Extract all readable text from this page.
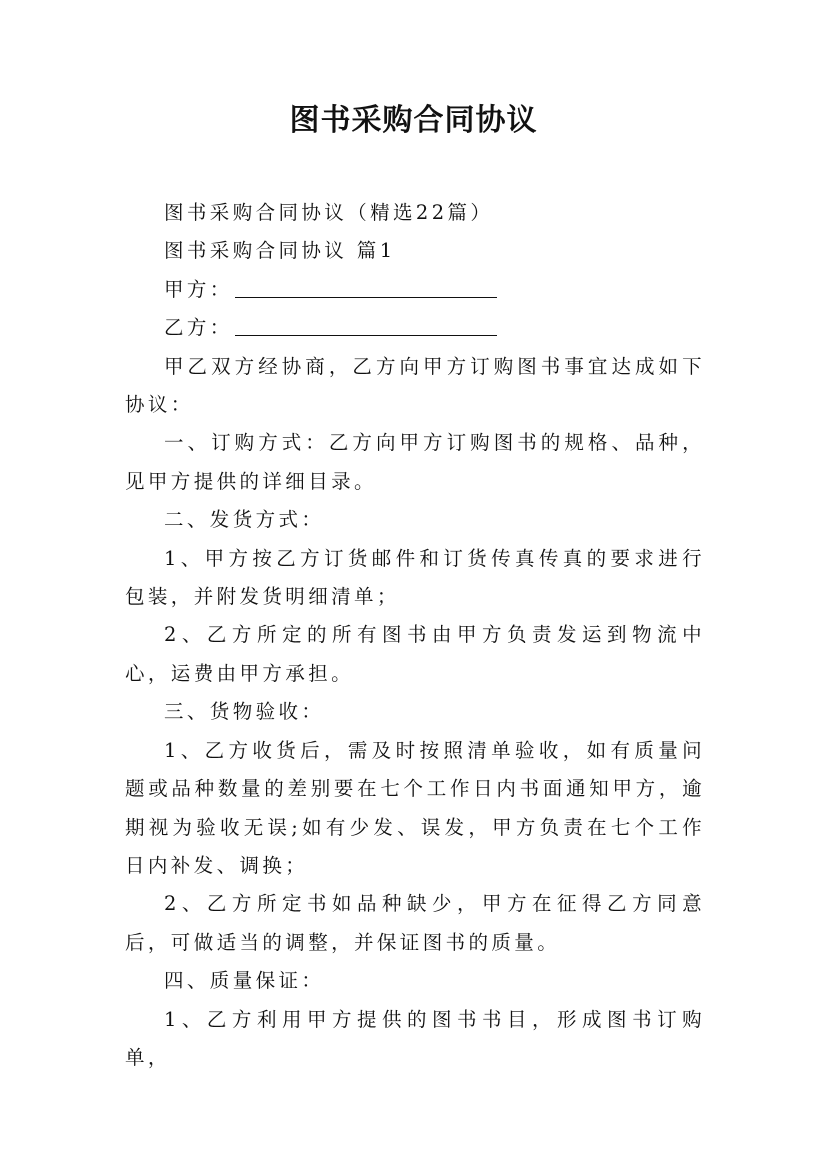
图书采购合同协议

图书采购合同协议（精选22篇）

图书采购合同协议 篇1

甲方：

乙方：

甲乙双方经协商，乙方向甲方订购图书事宜达成如下协议：

一、订购方式：乙方向甲方订购图书的规格、品种，见甲方提供的详细目录。

二、发货方式：

1、甲方按乙方订货邮件和订货传真传真的要求进行包装，并附发货明细清单；

2、乙方所定的所有图书由甲方负责发运到物流中心，运费由甲方承担。

三、货物验收：

1、乙方收货后，需及时按照清单验收，如有质量问题或品种数量的差别要在七个工作日内书面通知甲方，逾期视为验收无误;如有少发、误发，甲方负责在七个工作日内补发、调换；

2、乙方所定书如品种缺少，甲方在征得乙方同意后，可做适当的调整，并保证图书的质量。

四、质量保证：

1、乙方利用甲方提供的图书书目，形成图书订购单，
